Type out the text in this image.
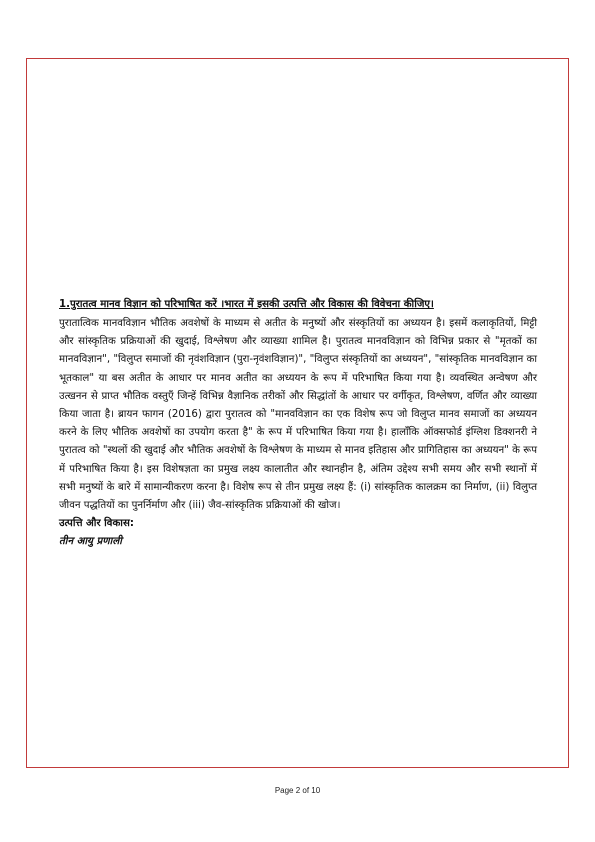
1.पुरातत्व मानव विज्ञान को परिभाषित करें ।भारत में इसकी उत्पत्ति और विकास की विवेचना कीजिए।

पुरातात्विक मानवविज्ञान भौतिक अवशेषों के माध्यम से अतीत के मनुष्यों और संस्कृतियों का अध्ययन है। इसमें कलाकृतियों, मिट्टी और सांस्कृतिक प्रक्रियाओं की खुदाई, विश्लेषण और व्याख्या शामिल है। पुरातत्व मानवविज्ञान को विभिन्न प्रकार से "मृतकों का मानवविज्ञान", "विलुप्त समाजों की नृवंशविज्ञान (पुरा-नृवंशविज्ञान)", "विलुप्त संस्कृतियों का अध्ययन", "सांस्कृतिक मानवविज्ञान का भूतकाल" या बस अतीत के आधार पर मानव अतीत का अध्ययन के रूप में परिभाषित किया गया है। व्यवस्थित अन्वेषण और उत्खनन से प्राप्त भौतिक वस्तुएँ जिन्हें विभिन्न वैज्ञानिक तरीकों और सिद्धांतों के आधार पर वर्गीकृत, विश्लेषण, वर्णित और व्याख्या किया जाता है। ब्रायन फागन (2016) द्वारा पुरातत्व को "मानवविज्ञान का एक विशेष रूप जो विलुप्त मानव समाजों का अध्ययन करने के लिए भौतिक अवशेषों का उपयोग करता है" के रूप में परिभाषित किया गया है। हालाँकि ऑक्सफोर्ड इंग्लिश डिक्शनरी ने पुरातत्व को "स्थलों की खुदाई और भौतिक अवशेषों के विश्लेषण के माध्यम से मानव इतिहास और प्रागितिहास का अध्ययन" के रूप में परिभाषित किया है। इस विशेषज्ञता का प्रमुख लक्ष्य कालातीत और स्थानहीन है, अंतिम उद्देश्य सभी समय और सभी स्थानों में सभी मनुष्यों के बारे में सामान्यीकरण करना है। विशेष रूप से तीन प्रमुख लक्ष्य हैं: (i) सांस्कृतिक कालक्रम का निर्माण, (ii) विलुप्त जीवन पद्धतियों का पुनर्निर्माण और (iii) जैव-सांस्कृतिक प्रक्रियाओं की खोज।

उत्पत्ति और विकास:

तीन आयु प्रणाली

Page 2 of 10
